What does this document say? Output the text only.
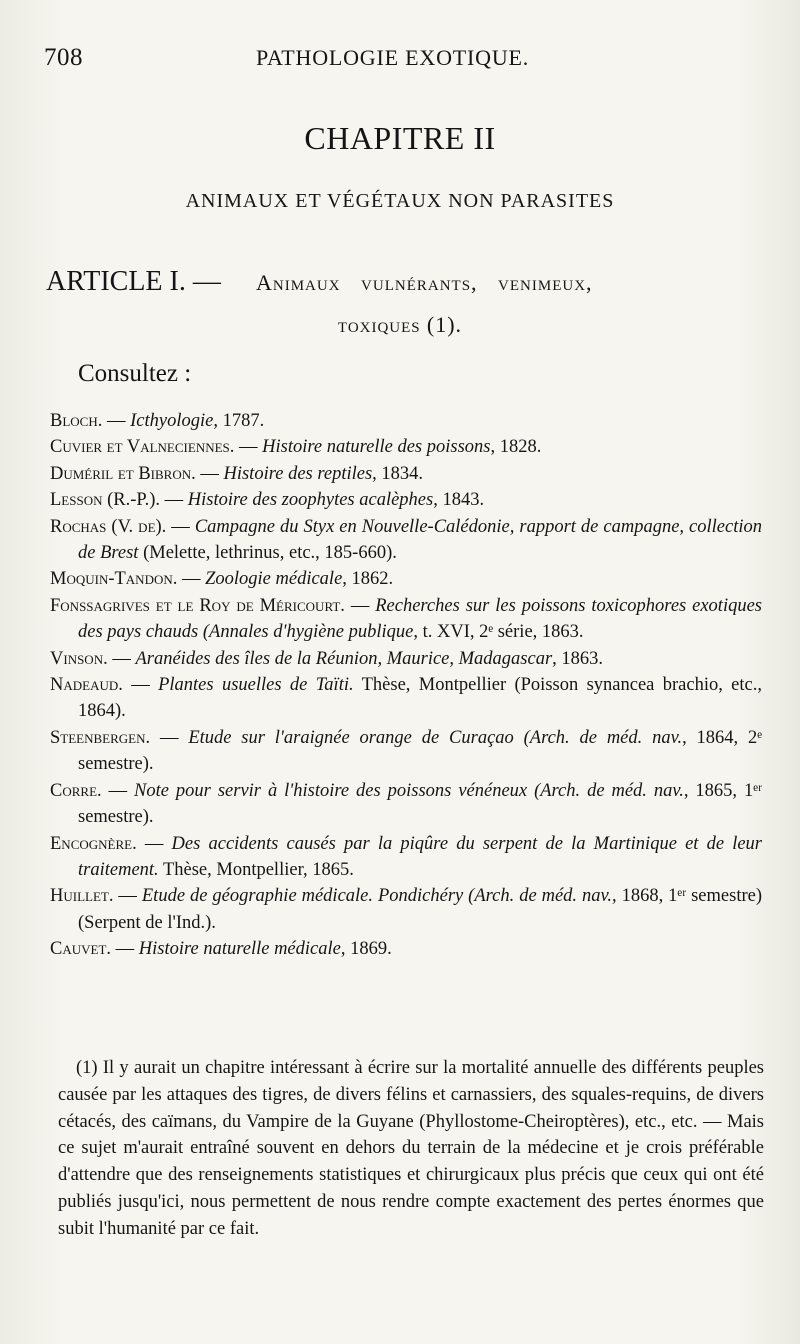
708	PATHOLOGIE EXOTIQUE.
CHAPITRE II
ANIMAUX ET VÉGÉTAUX NON PARASITES
ARTICLE I. — Animaux vulnérants, venimeux,
toxiques (1).
Consultez :
Bloch. — Icthyologie, 1787.
Cuvier et Valneciennes. — Histoire naturelle des poissons, 1828.
Duméril et Bibron. — Histoire des reptiles, 1834.
Lesson (R.-P.). — Histoire des zoophytes acalèphes, 1843.
Rochas (V. de). — Campagne du Styx en Nouvelle-Calédonie, rapport de campagne, collection de Brest (Melette, lethrinus, etc., 185-660).
Moquin-Tandon. — Zoologie médicale, 1862.
Fonssagrives et le Roy de Méricourt. — Recherches sur les poissons toxicophores exotiques des pays chauds (Annales d'hygiène publique, t. XVI, 2ᵉ série, 1863.
Vinson. — Aranéides des îles de la Réunion, Maurice, Madagascar, 1863.
Nadeaud. — Plantes usuelles de Taïti. Thèse, Montpellier (Poisson synancea brachio, etc., 1864).
Steenbergen. — Etude sur l'araignée orange de Curaçao (Arch. de méd. nav., 1864, 2ᵉ semestre).
Corre. — Note pour servir à l'histoire des poissons vénéneux (Arch. de méd. nav., 1865, 1ᵉʳ semestre).
Encognère. — Des accidents causés par la piqûre du serpent de la Martinique et de leur traitement. Thèse, Montpellier, 1865.
Huillet. — Etude de géographie médicale. Pondichéry (Arch. de méd. nav., 1868, 1ᵉʳ semestre) (Serpent de l'Ind.).
Cauvet. — Histoire naturelle médicale, 1869.
(1) Il y aurait un chapitre intéressant à écrire sur la mortalité annuelle des différents peuples causée par les attaques des tigres, de divers félins et carnassiers, des squales-requins, de divers cétacés, des caïmans, du Vampire de la Guyane (Phyllostome-Cheiroptères), etc., etc. — Mais ce sujet m'aurait entraîné souvent en dehors du terrain de la médecine et je crois préférable d'attendre que des renseignements statistiques et chirurgicaux plus précis que ceux qui ont été publiés jusqu'ici, nous permettent de nous rendre compte exactement des pertes énormes que subit l'humanité par ce fait.
